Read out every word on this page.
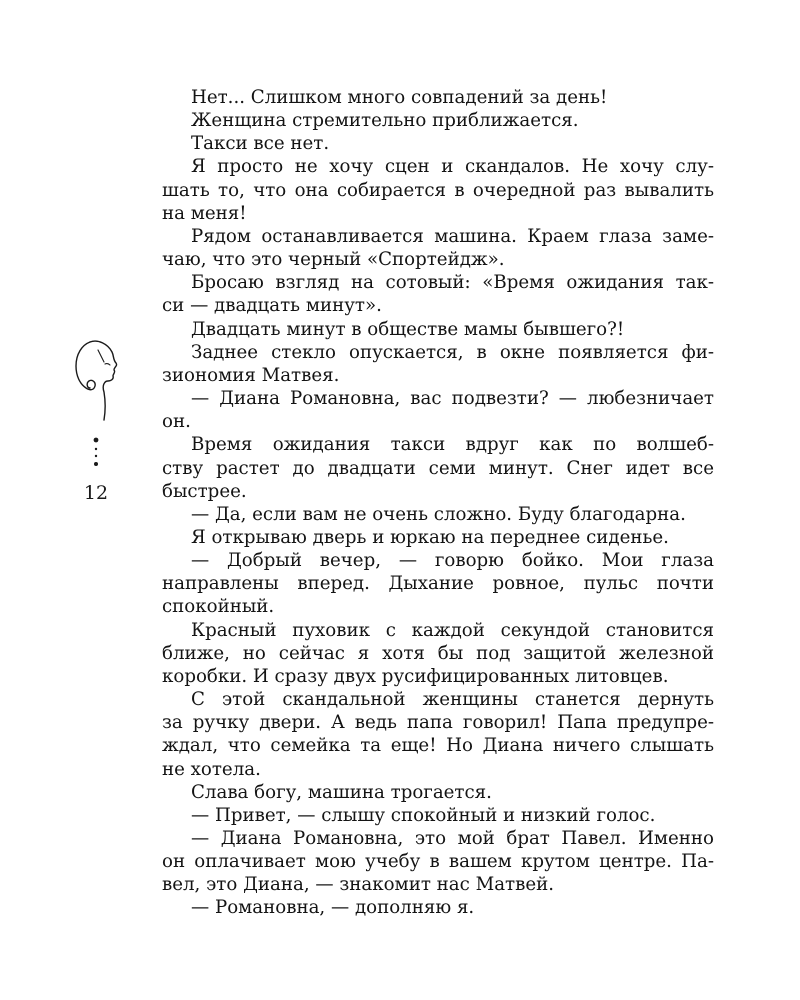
Нет... Слишком много совпадений за день!
Женщина стремительно приближается.
Такси все нет.
Я просто не хочу сцен и скандалов. Не хочу слу-
шать то, что она собирается в очередной раз вывалить
на меня!
Рядом останавливается машина. Краем глаза заме-
чаю, что это черный «Спортейдж».
Бросаю взгляд на сотовый: «Время ожидания так-
си — двадцать минут».
Двадцать минут в обществе мамы бывшего?!
Заднее стекло опускается, в окне появляется фи-
зиономия Матвея.
— Диана Романовна, вас подвезти? — любезничает
он.
Время ожидания такси вдруг как по волшеб-
ству растет до двадцати семи минут. Снег идет все
быстрее.
— Да, если вам не очень сложно. Буду благодарна.
Я открываю дверь и юркаю на переднее сиденье.
— Добрый вечер, — говорю бойко. Мои глаза
направлены вперед. Дыхание ровное, пульс почти
спокойный.
Красный пуховик с каждой секундой становится
ближе, но сейчас я хотя бы под защитой железной
коробки. И сразу двух русифицированных литовцев.
С этой скандальной женщины станется дернуть
за ручку двери. А ведь папа говорил! Папа предупре-
ждал, что семейка та еще! Но Диана ничего слышать
не хотела.
Слава богу, машина трогается.
— Привет, — слышу спокойный и низкий голос.
— Диана Романовна, это мой брат Павел. Именно
он оплачивает мою учебу в вашем крутом центре. Па-
вел, это Диана, — знакомит нас Матвей.
— Романовна, — дополняю я.
12
